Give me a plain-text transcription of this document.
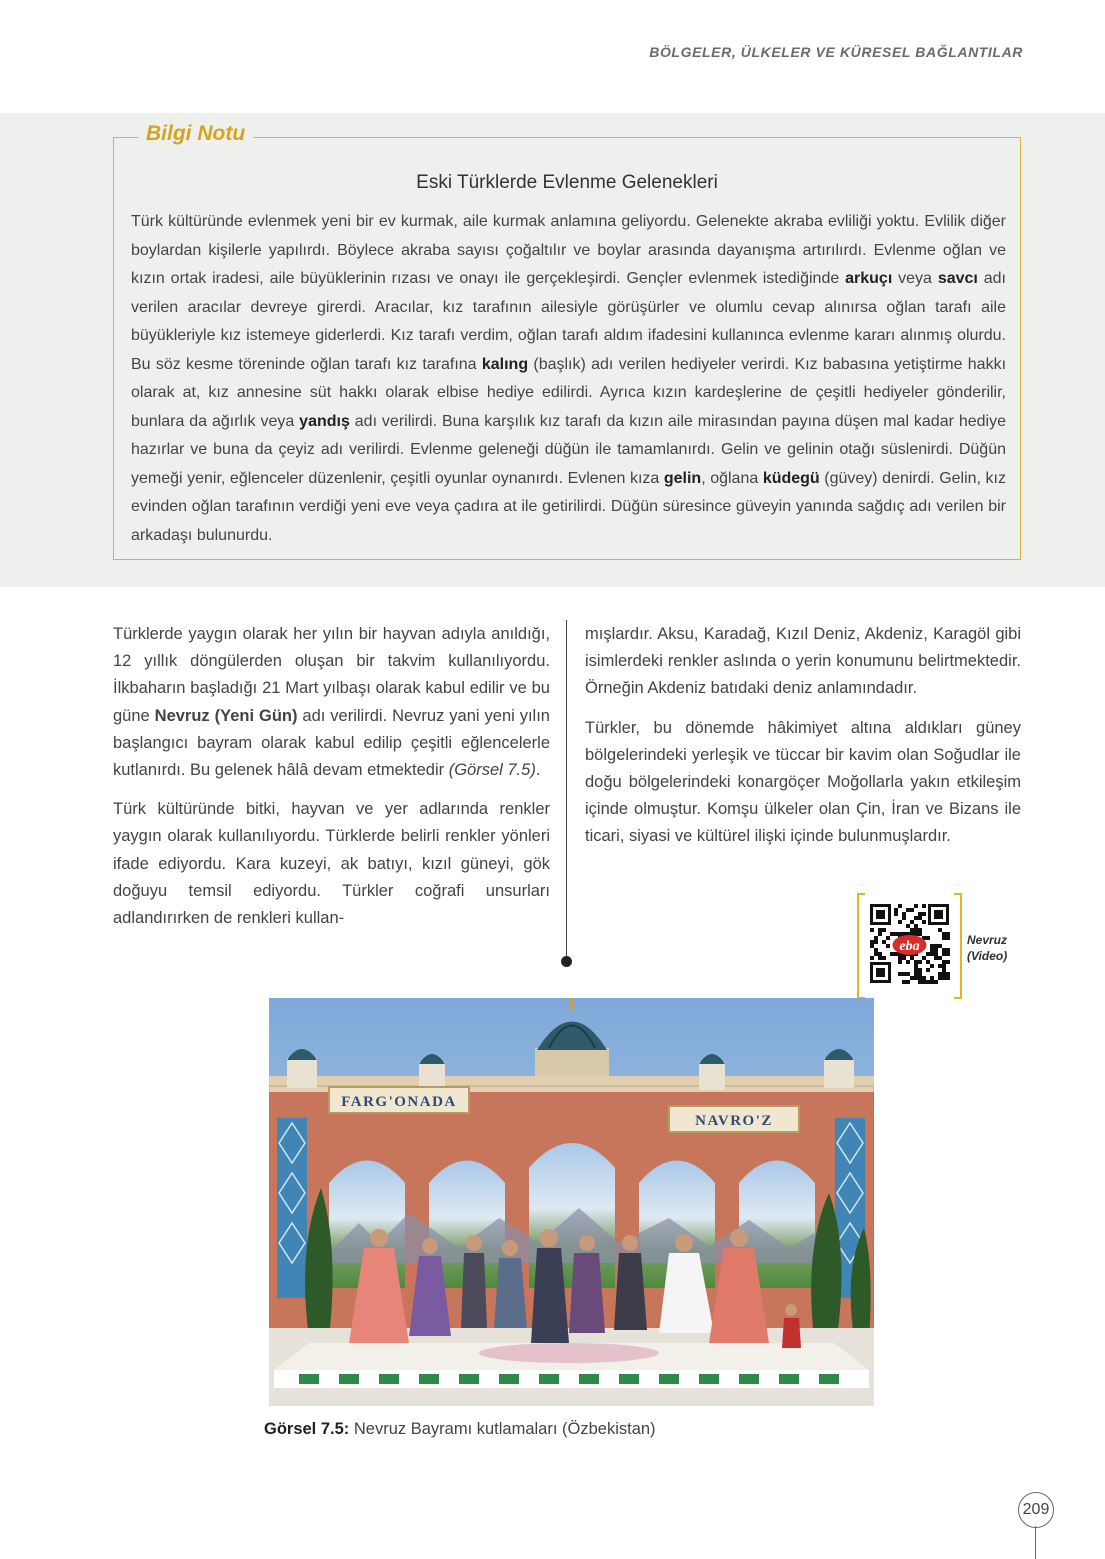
BÖLGELER, ÜLKELER VE KÜRESEL BAĞLANTILAR
Bilgi Notu
Eski Türklerde Evlenme Gelenekleri
Türk kültüründe evlenmek yeni bir ev kurmak, aile kurmak anlamına geliyordu. Gelenekte akraba evliliği yoktu. Evlilik diğer boylardan kişilerle yapılırdı. Böylece akraba sayısı çoğaltılır ve boylar arasında dayanışma artırılırdı. Evlenme oğlan ve kızın ortak iradesi, aile büyüklerinin rızası ve onayı ile gerçekleşirdi. Gençler evlenmek istediğinde arkuçı veya savcı adı verilen aracılar devreye girerdi. Aracılar, kız tarafının ailesiyle görüşürler ve olumlu cevap alınırsa oğlan tarafı aile büyükleriyle kız istemeye giderlerdi. Kız tarafı verdim, oğlan tarafı aldım ifadesini kullanınca evlenme kararı alınmış olurdu. Bu söz kesme töreninde oğlan tarafı kız tarafına kalıng (başlık) adı verilen hediyeler verirdi. Kız babasına yetiştirme hakkı olarak at, kız annesine süt hakkı olarak elbise hediye edilirdi. Ayrıca kızın kardeşlerine de çeşitli hediyeler gönderilir, bunlara da ağırlık veya yandış adı verilirdi. Buna karşılık kız tarafı da kızın aile mirasından payına düşen mal kadar hediye hazırlar ve buna da çeyiz adı verilirdi. Evlenme geleneği düğün ile tamamlanırdı. Gelin ve gelinin otağı süslenirdi. Düğün yemeği yenir, eğlenceler düzenlenir, çeşitli oyunlar oynanırdı. Evlenen kıza gelin, oğlana küdegü (güvey) denirdi. Gelin, kız evinden oğlan tarafının verdiği yeni eve veya çadıra at ile getirilirdi. Düğün süresince güveyin yanında sağdıç adı verilen bir arkadaşı bulunurdu.

Türklerde yaygın olarak her yılın bir hayvan adıyla anıldığı, 12 yıllık döngülerden oluşan bir takvim kullanılıyordu. İlkbaharın başladığı 21 Mart yılbaşı olarak kabul edilir ve bu güne Nevruz (Yeni Gün) adı verilirdi. Nevruz yani yeni yılın başlangıcı bayram olarak kabul edilip çeşitli eğlencelerle kutlanırdı. Bu gelenek hâlâ devam etmektedir (Görsel 7.5).

Türk kültüründe bitki, hayvan ve yer adlarında renkler yaygın olarak kullanılıyordu. Türklerde belirli renkler yönleri ifade ediyordu. Kara kuzeyi, ak batıyı, kızıl güneyi, gök doğuyu temsil ediyordu. Türkler coğrafi unsurları adlandırırken de renkleri kullan-

mışlardır. Aksu, Karadağ, Kızıl Deniz, Akdeniz, Karagöl gibi isimlerdeki renkler aslında o yerin konumunu belirtmektedir. Örneğin Akdeniz batıdaki deniz anlamındadır.

Türkler, bu dönemde hâkimiyet altına aldıkları güney bölgelerindeki yerleşik ve tüccar bir kavim olan Soğudlar ile doğu bölgelerindeki konargöçer Moğollarla yakın etkileşim içinde olmuştur. Komşu ülkeler olan Çin, İran ve Bizans ile ticari, siyasi ve kültürel ilişki içinde bulunmuşlardır.

eba	Nevruz
(Video)
FARG'ONADA
NAVRO'Z
Görsel 7.5: Nevruz Bayramı kutlamaları (Özbekistan)
209
